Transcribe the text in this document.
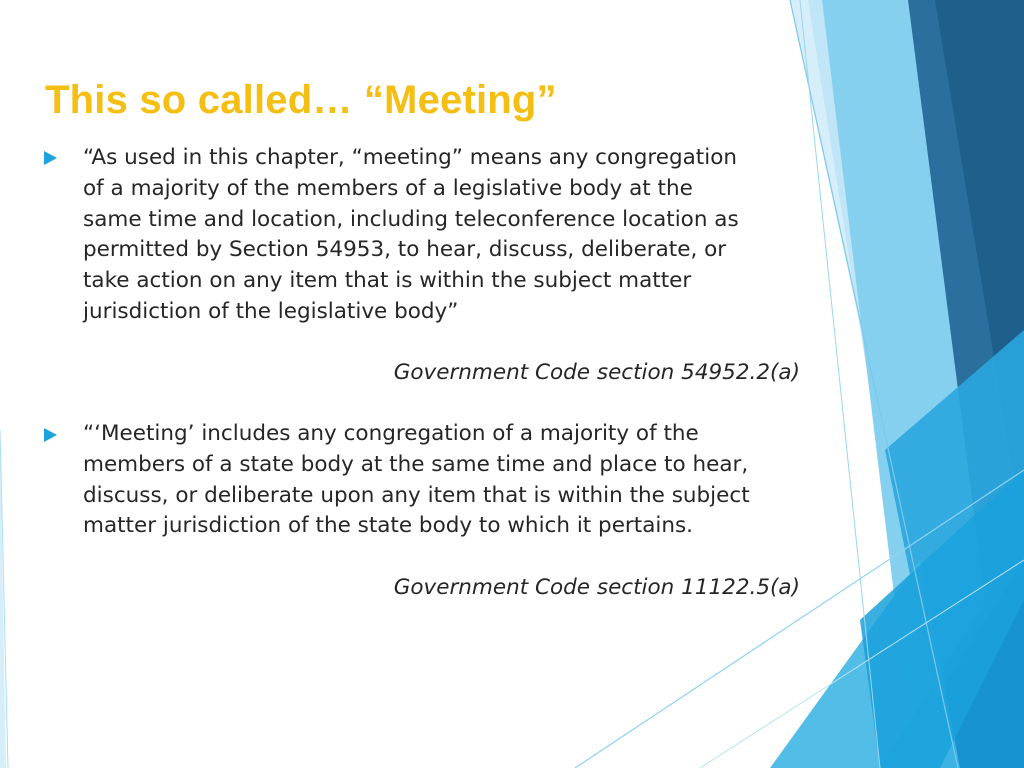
This so called… “Meeting”

“As used in this chapter, “meeting” means any congregation
of a majority of the members of a legislative body at the
same time and location, including teleconference location as
permitted by Section 54953, to hear, discuss, deliberate, or
take action on any item that is within the subject matter
jurisdiction of the legislative body”

Government Code section 54952.2(a)

“‘Meeting’ includes any congregation of a majority of the
members of a state body at the same time and place to hear,
discuss, or deliberate upon any item that is within the subject
matter jurisdiction of the state body to which it pertains.

Government Code section 11122.5(a)
